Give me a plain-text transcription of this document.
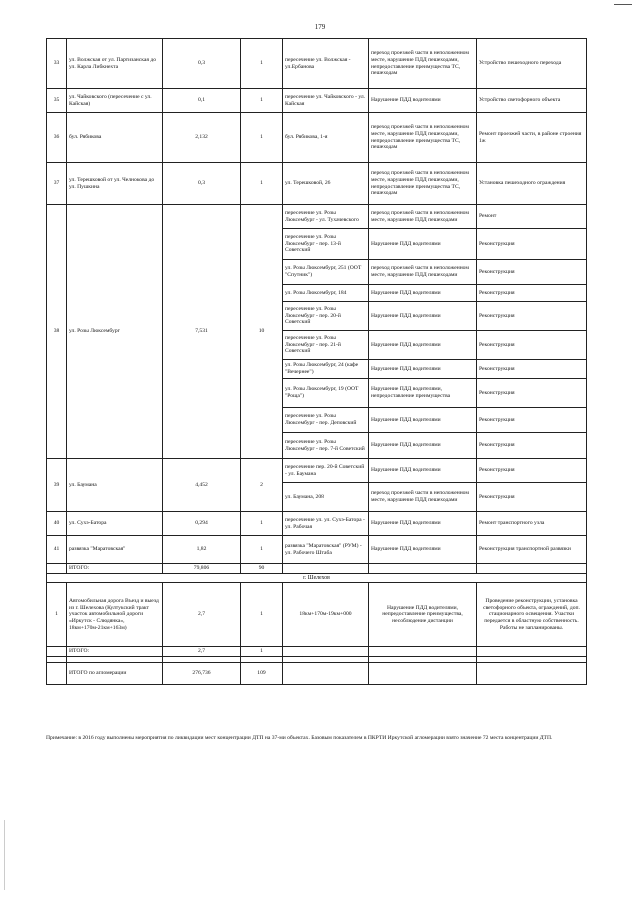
179
33	ул. Волжская от ул. Партизанская до ул. Карла Либкнехта	0,3	1	пересечение ул. Волжская - ул.Ербанова	переход проезжей части в неположенном месте, нарушение ПДД пешеходами, непредоставление преимущества ТС, пешеходам	Устройство пешеходного перехода
35	ул. Чайковского (пересечение с ул. Кайская)	0,1	1	пересечение ул. Чайковского - ул. Кайская	Нарушение ПДД водителями	Устройство светофорного объекта
36	бул. Рябикова	2,132	1	бул. Рябикова, 1-я	переход проезжей части в неположенном месте, нарушение ПДД пешеходами, непредоставление преимущества ТС, пешеходам	Ремонт проезжей части, в районе строения 1ж
37	ул. Терешковой от ул. Челнокова до ул. Пушкина	0,3	1	ул. Терешковой, 26	переход проезжей части в неположенном месте, нарушение ПДД пешеходами, непредоставление преимущества ТС, пешеходам	Установка пешеходного ограждения
38	ул. Розы Люксембург	7,531	10	пересечение ул. Розы Люксембург - ул. Тухачевского	переход проезжей части в неположенном месте, нарушение ПДД пешеходами	Ремонт
				пересечение ул. Розы Люксембург - пер. 13-й Советский	Нарушение ПДД водителями	Реконструкция
				ул. Розы Люксембург, 251 (ООТ "Спутник")	переход проезжей части в неположенном месте, нарушение ПДД пешеходами	Реконструкция
				ул. Розы Люксембург, 184	Нарушение ПДД водителями	Реконструкция
				пересечение ул. Розы Люксембург - пер. 20-й Советский	Нарушение ПДД водителями	Реконструкция
				пересечение ул. Розы Люксембург - пер. 21-й Советский	Нарушение ПДД водителями	Реконструкция
				ул. Розы Люксембург, 24 (кафе "Вечернее")	Нарушение ПДД водителями	Реконструкция
				ул. Розы Люксембург, 19 (ООТ "Роща")	Нарушение ПДД водителями, непредоставление преимущества	Реконструкция
				пересечение ул. Розы Люксембург - пер. Деповский	Нарушение ПДД водителями	Реконструкция
				пересечение ул. Розы Люксембург - пер. 7-й Советский	Нарушение ПДД водителями	Реконструкция
39	ул. Баумана	4,452	2	пересечение пер. 20-й Советский - ул. Баумана	Нарушение ПДД водителями	Реконструкция
				ул. Баумана, 208	переход проезжей части в неположенном месте, нарушение ПДД пешеходами	Реконструкция
40	ул. Сухэ-Батора	0,294	1	пересечение ул. ул. Сухэ-Батора - ул. Рабочая	Нарушение ПДД водителями	Ремонт транспортного узла
41	развязка "Маратовская"	1,82	1	развязка "Маратовская" (РУМ) - ул. Рабочего Штаба	Нарушение ПДД водителями	Реконструкция транспортной развязки
	ИТОГО:	79,806	90			
г. Шелехов						
1	Автомобильная дорога Въезд и выезд из г. Шелехова (Култукский тракт участок автомобильной дороги «Иркутск - Слюдянка», 18км+170м-21км+163м)	2,7	1	18км+170м-19км+000	Нарушение ПДД водителями, непредоставление преимущества, несоблюдение дистанции	Проведение реконструкции, установка светофорного объекта, ограждений, доп. стационарного освещения. Участки передается в областную собственность. Работы не запланированы.
	ИТОГО:	2,7	1			

	ИТОГО по агломерации	276,736	109			
Примечание: в 2016 году выполнены мероприятия по ликвидации мест концентрации ДТП на 37-ми объектах. Базовым показателем в ПКРТИ Иркутской агломерации взято значение 72 места концентрации ДТП.
